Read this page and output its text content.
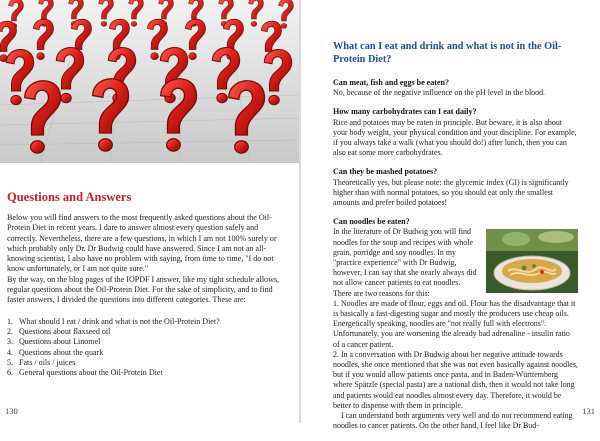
Questions and Answers

Below you will find answers to the most frequently asked questions about the Oil-Protein Diet in recent years. I dare to answer almost every question safely and correctly. Nevertheless, there are a few questions, in which I am not 100% surely or which probably only Dr. Dr Budwig could have answered. Since I am not an all-knowing scientist, I also have no problem with saying, from time to time, "I do not know unfortunately, or I am not quite sure."

By the way, on the blog pages of the IOPDF I answer, like my tight schedule allows, regular questions about the Oil-Protein Diet. For the sake of simplicity, and to find faster answers, I divided the questions into different categories. These are:

1. What should I eat / drink and what is not the Oil-Protein Diet?
2. Questions about flaxseed oil
3. Questions about Linomel
4. Questions about the quark
5. Fats / oils / juices
6. General questions about the Oil-Protein Diet
130
What can I eat and drink and what is not in the Oil-Protein Diet?
Can meat, fish and eggs be eaten?
No, because of the negative influence on the pH level in the blood.
How many carbohydrates can I eat daily?
Rice and potatoes may be eaten in principle. But beware, it is also about your body weight, your physical condition and your discipline. For example, if you always take a walk (what you should do!) after lunch, then you can also eat some more carbohydrates.
Can they be mashed potatoes?
Theoretically yes, but please note: the glycemic index (GI) is significantly higher than with normal potatoes, so you should eat only the smallest amounts and prefer boiled potatoes!
Can noodles be eaten?
In the literature of Dr Budwig you will find noodles for the soup and recipes with whole grain, porridge and soy noodles. In my "practice experience" with Dr Budwig, however, I can say that she nearly always did not allow cancer patients to eat noodles. There are two reasons for this:
1. Noodles are made of flour, eggs and oil. Flour has the disadvantage that it is basically a fast-digesting sugar and mostly the producers use cheap oils. Energetically speaking, noodles are "not really full with electrons". Unfortunately, you are worsening the already bad adrenaline - insulin ratio of a cancer patient.
2. In a conversation with Dr Budwig about her negative attitude towards noodles, she once mentioned that she was not even basically against noodles, but if you would allow patients once pasta, and in Baden-Württemberg where Spätzle (special pasta) are a national dish, then it would not take long and patients would eat noodles almost every day. Therefore, it would be better to dispense with them in principle.
I can understand both arguments very well and do not recommend eating noodles to cancer patients. On the other hand, I feel like Dr Bud-
131
